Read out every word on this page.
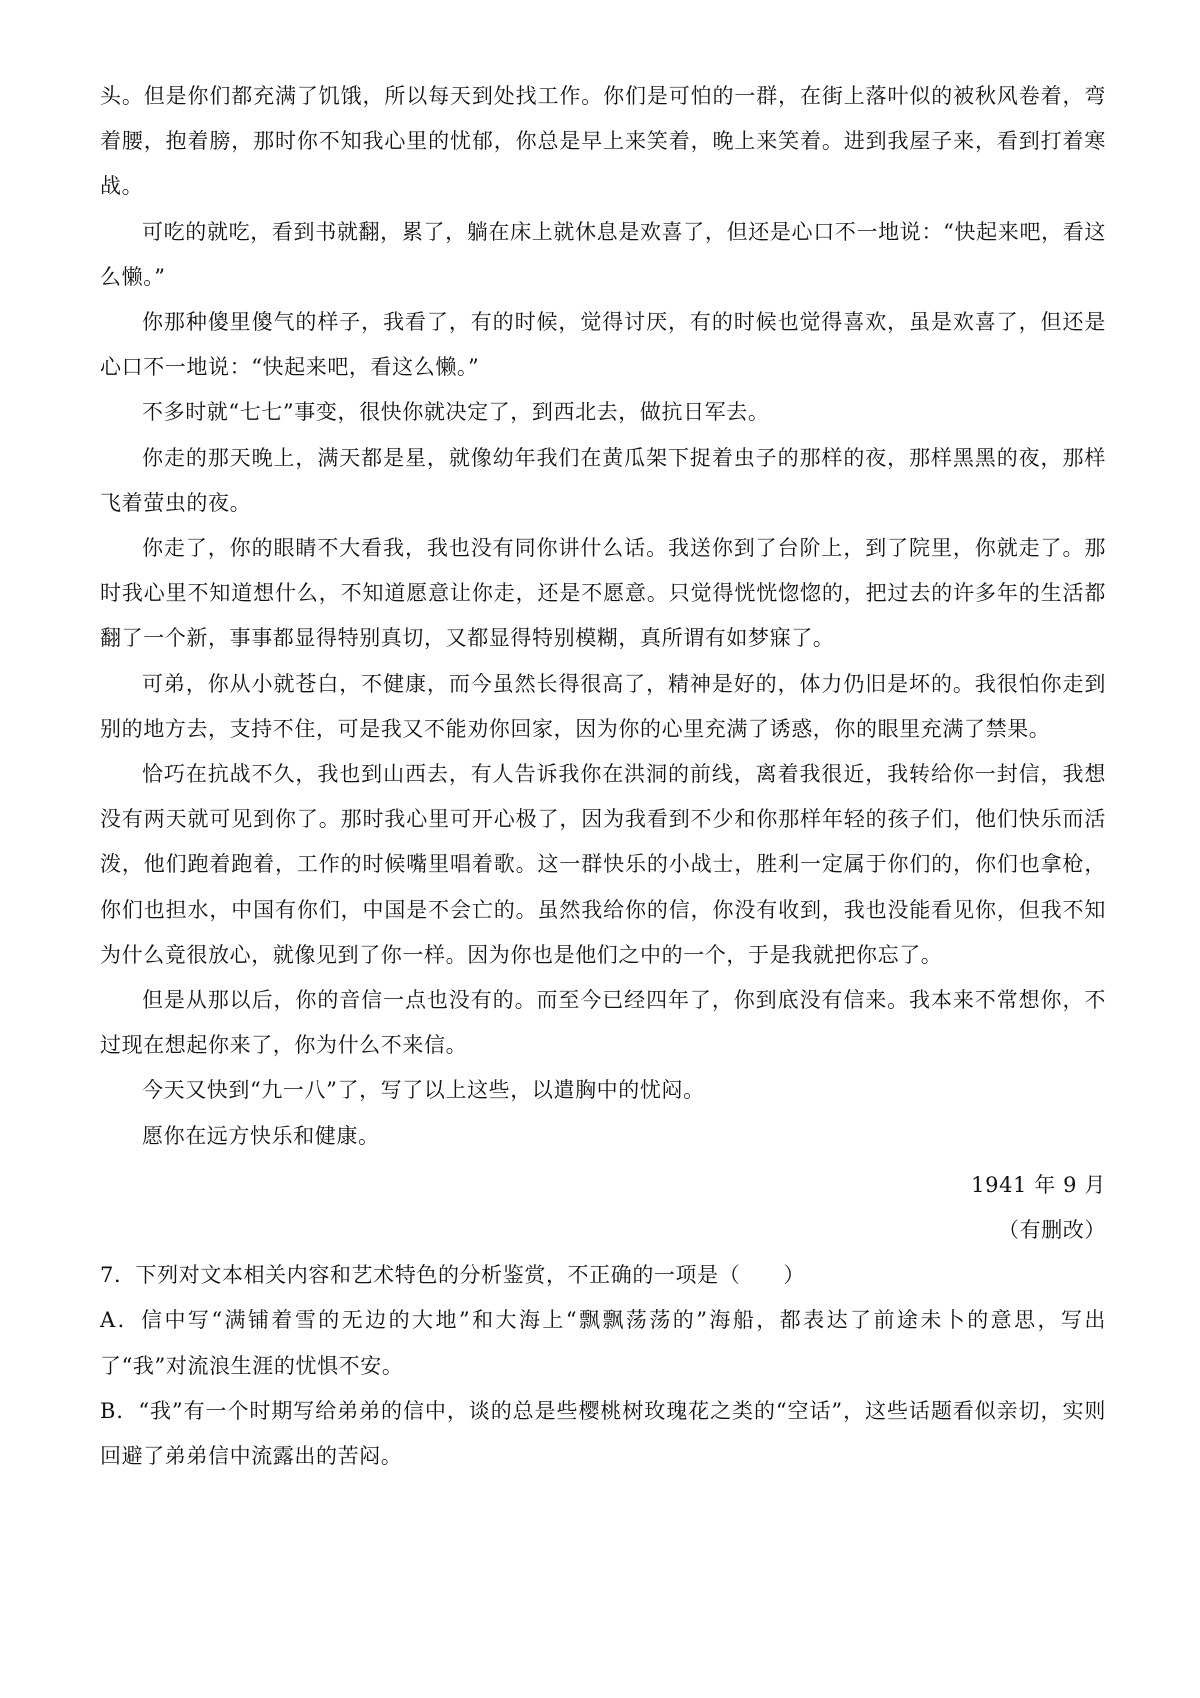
头。但是你们都充满了饥饿，所以每天到处找工作。你们是可怕的一群，在街上落叶似的被秋风卷着，弯着腰，抱着膀，那时你不知我心里的忧郁，你总是早上来笑着，晚上来笑着。进到我屋子来，看到打着寒战。

可吃的就吃，看到书就翻，累了，躺在床上就休息是欢喜了，但还是心口不一地说：“快起来吧，看这么懒。”

你那种傻里傻气的样子，我看了，有的时候，觉得讨厌，有的时候也觉得喜欢，虽是欢喜了，但还是心口不一地说：“快起来吧，看这么懒。”

不多时就“七七”事变，很快你就决定了，到西北去，做抗日军去。

你走的那天晚上，满天都是星，就像幼年我们在黄瓜架下捉着虫子的那样的夜，那样黑黑的夜，那样飞着萤虫的夜。

你走了，你的眼睛不大看我，我也没有同你讲什么话。我送你到了台阶上，到了院里，你就走了。那时我心里不知道想什么，不知道愿意让你走，还是不愿意。只觉得恍恍惚惚的，把过去的许多年的生活都翻了一个新，事事都显得特别真切，又都显得特别模糊，真所谓有如梦寐了。

可弟，你从小就苍白，不健康，而今虽然长得很高了，精神是好的，体力仍旧是坏的。我很怕你走到别的地方去，支持不住，可是我又不能劝你回家，因为你的心里充满了诱惑，你的眼里充满了禁果。

恰巧在抗战不久，我也到山西去，有人告诉我你在洪洞的前线，离着我很近，我转给你一封信，我想没有两天就可见到你了。那时我心里可开心极了，因为我看到不少和你那样年轻的孩子们，他们快乐而活泼，他们跑着跑着，工作的时候嘴里唱着歌。这一群快乐的小战士，胜利一定属于你们的，你们也拿枪，你们也担水，中国有你们，中国是不会亡的。虽然我给你的信，你没有收到，我也没能看见你，但我不知为什么竟很放心，就像见到了你一样。因为你也是他们之中的一个，于是我就把你忘了。

但是从那以后，你的音信一点也没有的。而至今已经四年了，你到底没有信来。我本来不常想你，不过现在想起你来了，你为什么不来信。

今天又快到“九一八”了，写了以上这些，以遣胸中的忧闷。

愿你在远方快乐和健康。

1941 年 9 月

（有删改）

7．下列对文本相关内容和艺术特色的分析鉴赏，不正确的一项是（　　）

A．信中写“满铺着雪的无边的大地”和大海上“飘飘荡荡的”海船，都表达了前途未卜的意思，写出了“我”对流浪生涯的忧惧不安。

B．“我”有一个时期写给弟弟的信中，谈的总是些樱桃树玫瑰花之类的“空话”，这些话题看似亲切，实则回避了弟弟信中流露出的苦闷。
